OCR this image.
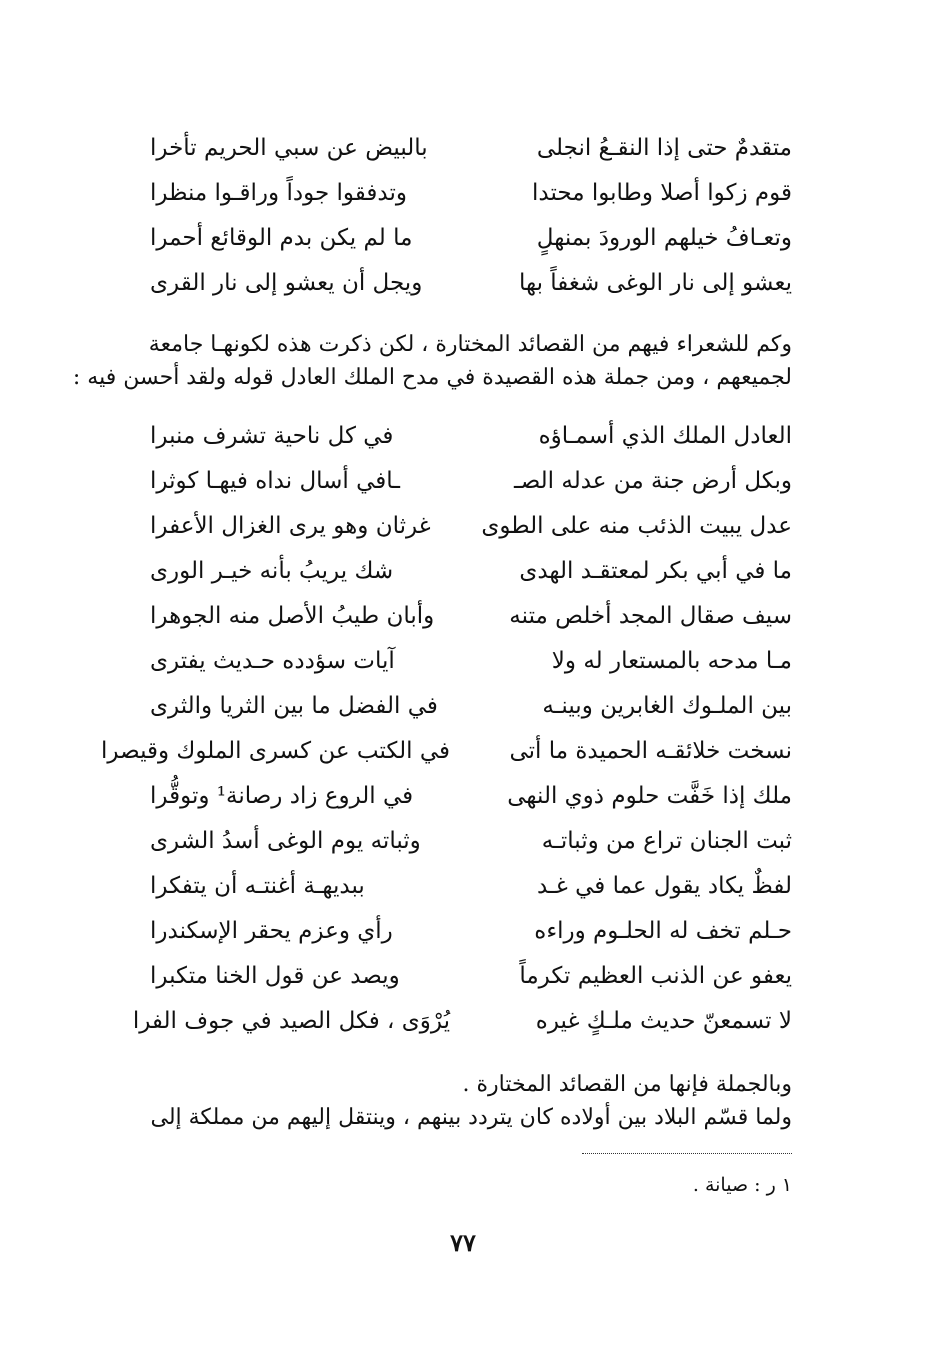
متقدمٌ حتى إذا النقـعُ انجلى
بالبيض عن سبي الحريم تأخرا
قوم زكوا أصلا وطابوا محتدا
وتدفقوا جوداً وراقـوا منظرا
وتعـافُ خيلهم الورودَ بمنهلٍ
ما لم يكن بدم الوقائع أحمرا
يعشو إلى نار الوغى شغفاً بها
ويجل أن يعشو إلى نار القرى

وكم للشعراء فيهم من القصائد المختارة ، لكن ذكرت هذه لكونهـا جامعة

لجميعهم ، ومن جملة هذه القصيدة في مدح الملك العادل قوله ولقد أحسن فيه :

العادل الملك الذي أسمـاؤه
في كل ناحية تشرف منبرا
وبكل أرض جنة من عدله الصـ
ـافي أسال نداه فيهـا كوثرا
عدل يبيت الذئب منه على الطوى
غرثان وهو يرى الغزال الأعفرا
ما في أبي بكر لمعتقـد الهدى
شك يريبُ بأنه خيـر الورى
سيف صقال المجد أخلص متنه
وأبان طيبُ الأصل منه الجوهرا
مـا مدحه بالمستعار له ولا
آيات سؤدده حـديث يفترى
بين الملـوك الغابرين وبينـه
في الفضل ما بين الثريا والثرى
نسخت خلائقـه الحميدة ما أتى
في الكتب عن كسرى الملوك وقيصرا
ملك إذا خَفَّت حلوم ذوي النهى
في الروع زاد رصانة¹ وتوقُّرا
ثبت الجنان تراع من وثباتـه
وثباته يوم الوغى أسدُ الشرى
لفظٌ يكاد يقول عما في غـد
ببديهـة أغنتـه أن يتفكرا
حـلم تخف له الحلـوم وراءه
رأي وعزم يحقر الإسكندرا
يعفو عن الذنب العظيم تكرماً
ويصد عن قول الخنا متكبرا
لا تسمعنّ حديث ملـكٍ غيره
يُرْوَى ، فكل الصيد في جوف الفرا

وبالجملة فإنها من القصائد المختارة .

ولما قسّم البلاد بين أولاده كان يتردد بينهم ، وينتقل إليهم من مملكة إلى

١ ر : صيانة .
٧٧
